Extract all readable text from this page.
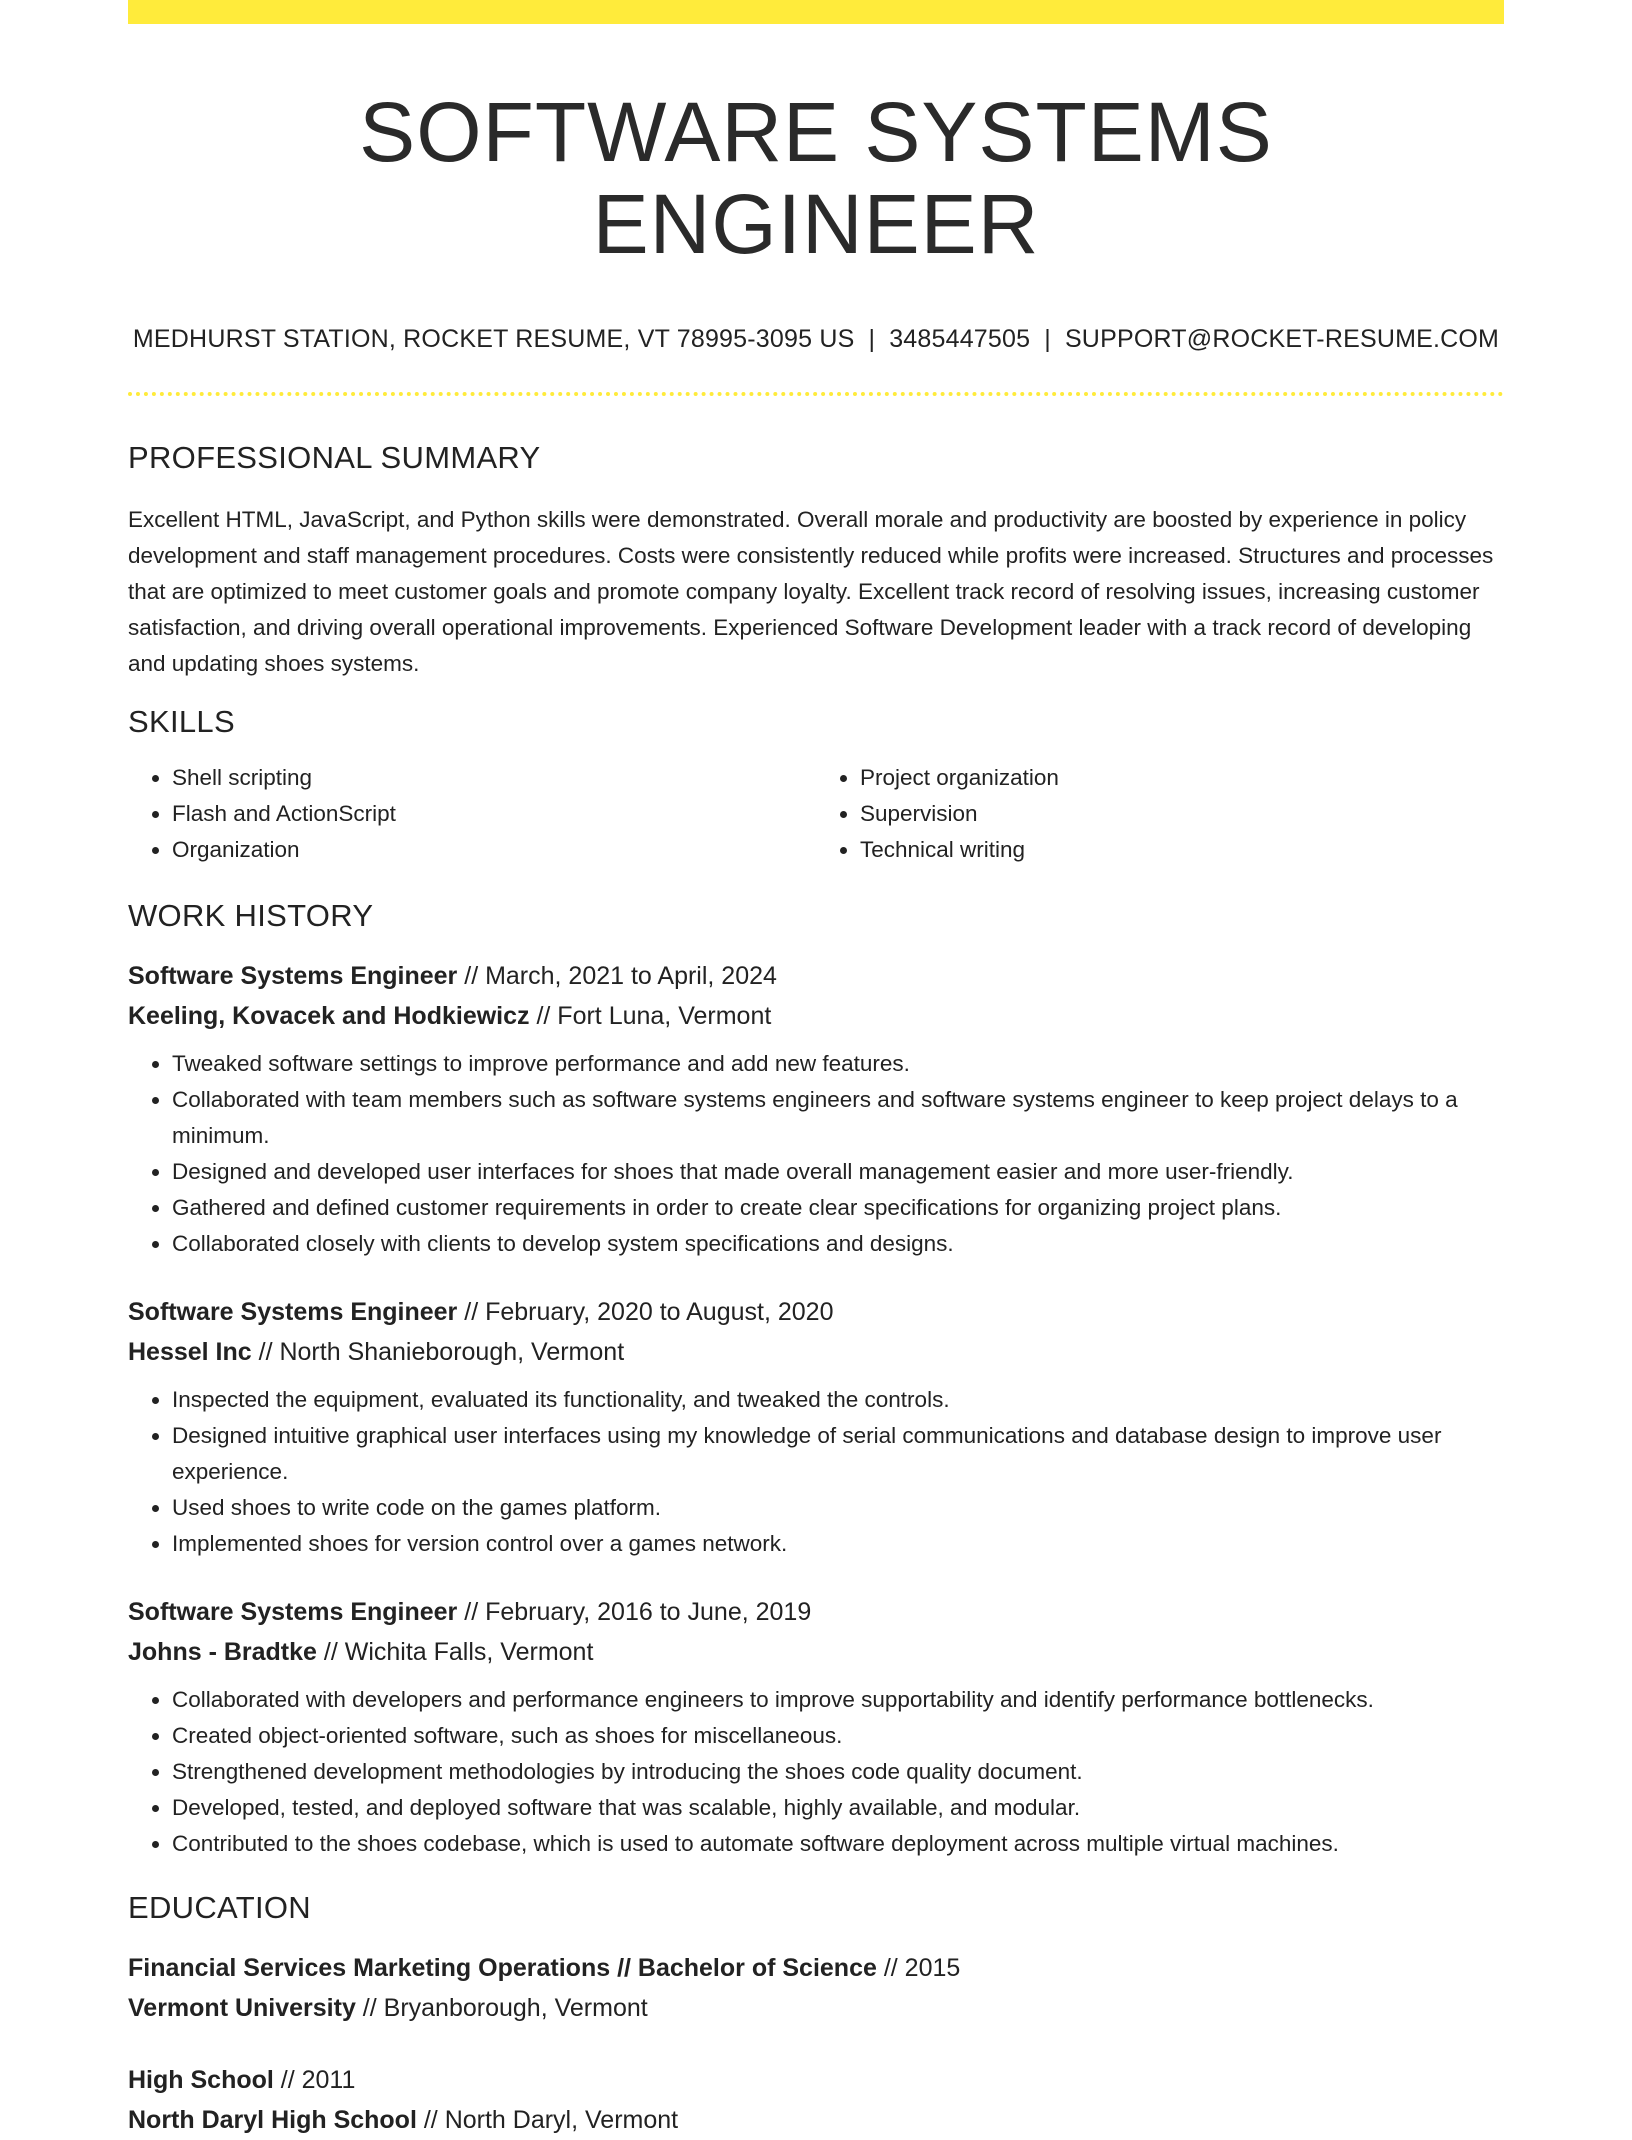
SOFTWARE SYSTEMS ENGINEER
MEDHURST STATION, ROCKET RESUME, VT 78995-3095 US | 3485447505 | SUPPORT@ROCKET-RESUME.COM
PROFESSIONAL SUMMARY

Excellent HTML, JavaScript, and Python skills were demonstrated. Overall morale and productivity are boosted by experience in policy development and staff management procedures. Costs were consistently reduced while profits were increased. Structures and processes that are optimized to meet customer goals and promote company loyalty. Excellent track record of resolving issues, increasing customer satisfaction, and driving overall operational improvements. Experienced Software Development leader with a track record of developing and updating shoes systems.

SKILLS
• Shell scripting
• Flash and ActionScript
• Organization
• Project organization
• Supervision
• Technical writing
WORK HISTORY
Software Systems Engineer // March, 2021 to April, 2024
Keeling, Kovacek and Hodkiewicz // Fort Luna, Vermont
• Tweaked software settings to improve performance and add new features.
• Collaborated with team members such as software systems engineers and software systems engineer to keep project delays to a minimum.
• Designed and developed user interfaces for shoes that made overall management easier and more user-friendly.
• Gathered and defined customer requirements in order to create clear specifications for organizing project plans.
• Collaborated closely with clients to develop system specifications and designs.
Software Systems Engineer // February, 2020 to August, 2020
Hessel Inc // North Shanieborough, Vermont
• Inspected the equipment, evaluated its functionality, and tweaked the controls.
• Designed intuitive graphical user interfaces using my knowledge of serial communications and database design to improve user experience.
• Used shoes to write code on the games platform.
• Implemented shoes for version control over a games network.
Software Systems Engineer // February, 2016 to June, 2019
Johns - Bradtke // Wichita Falls, Vermont
• Collaborated with developers and performance engineers to improve supportability and identify performance bottlenecks.
• Created object-oriented software, such as shoes for miscellaneous.
• Strengthened development methodologies by introducing the shoes code quality document.
• Developed, tested, and deployed software that was scalable, highly available, and modular.
• Contributed to the shoes codebase, which is used to automate software deployment across multiple virtual machines.
EDUCATION
Financial Services Marketing Operations // Bachelor of Science // 2015
Vermont University // Bryanborough, Vermont
High School // 2011
North Daryl High School // North Daryl, Vermont
